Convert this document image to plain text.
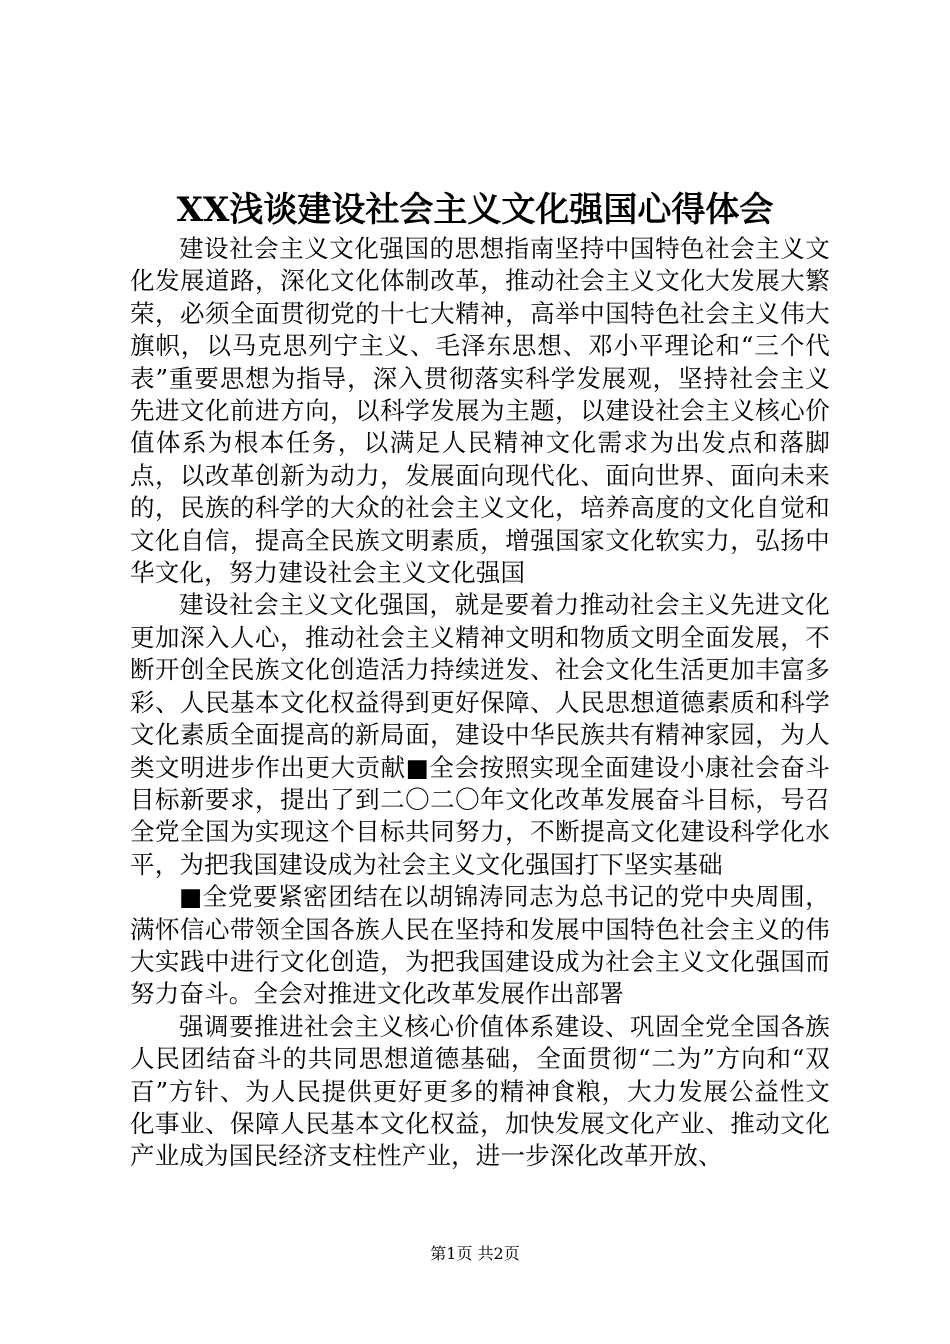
XX浅谈建设社会主义文化强国心得体会

建设社会主义文化强国的思想指南坚持中国特色社会主义文化发展道路，深化文化体制改革，推动社会主义文化大发展大繁荣，必须全面贯彻党的十七大精神，高举中国特色社会主义伟大旗帜，以马克思列宁主义、毛泽东思想、邓小平理论和“三个代表”重要思想为指导，深入贯彻落实科学发展观，坚持社会主义先进文化前进方向，以科学发展为主题，以建设社会主义核心价值体系为根本任务，以满足人民精神文化需求为出发点和落脚点，以改革创新为动力，发展面向现代化、面向世界、面向未来的，民族的科学的大众的社会主义文化，培养高度的文化自觉和文化自信，提高全民族文明素质，增强国家文化软实力，弘扬中华文化，努力建设社会主义文化强国

建设社会主义文化强国，就是要着力推动社会主义先进文化更加深入人心，推动社会主义精神文明和物质文明全面发展，不断开创全民族文化创造活力持续迸发、社会文化生活更加丰富多彩、人民基本文化权益得到更好保障、人民思想道德素质和科学文化素质全面提高的新局面，建设中华民族共有精神家园，为人类文明进步作出更大贡献■全会按照实现全面建设小康社会奋斗目标新要求，提出了到二〇二〇年文化改革发展奋斗目标，号召全党全国为实现这个目标共同努力，不断提高文化建设科学化水平，为把我国建设成为社会主义文化强国打下坚实基础

■全党要紧密团结在以胡锦涛同志为总书记的党中央周围，满怀信心带领全国各族人民在坚持和发展中国特色社会主义的伟大实践中进行文化创造，为把我国建设成为社会主义文化强国而努力奋斗。全会对推进文化改革发展作出部署

强调要推进社会主义核心价值体系建设、巩固全党全国各族人民团结奋斗的共同思想道德基础，全面贯彻“二为”方向和“双百”方针、为人民提供更好更多的精神食粮，大力发展公益性文化事业、保障人民基本文化权益，加快发展文化产业、推动文化产业成为国民经济支柱性产业，进一步深化改革开放、

第1页 共2页
